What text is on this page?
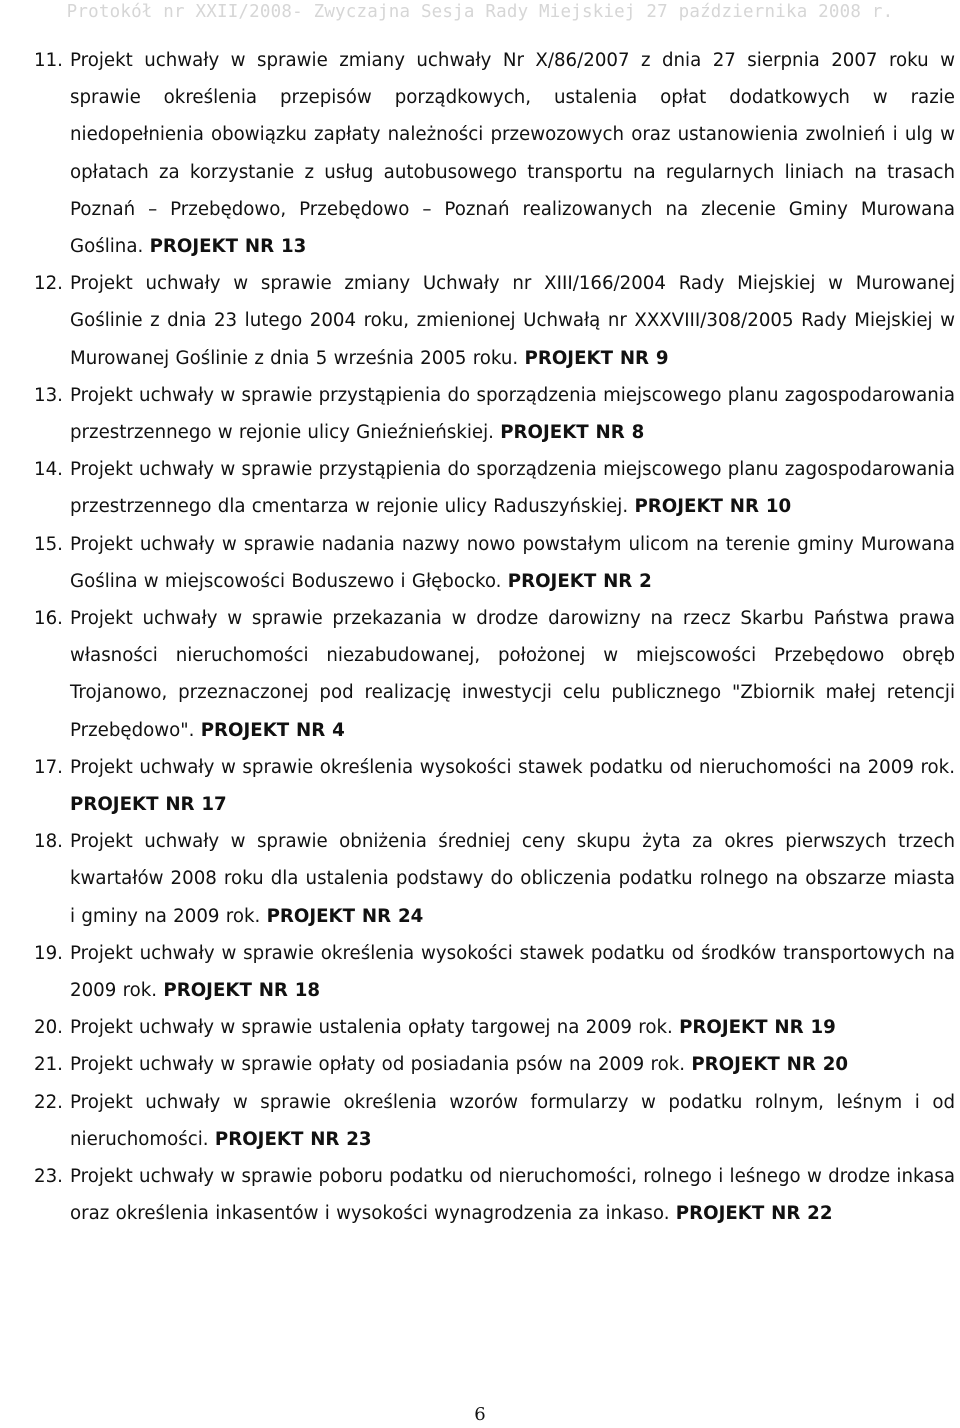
Protokół nr XXII/2008- Zwyczajna Sesja Rady Miejskiej 27 października 2008 r.
11. Projekt uchwały w sprawie zmiany uchwały Nr X/86/2007 z dnia 27 sierpnia 2007 roku w sprawie określenia przepisów porządkowych, ustalenia opłat dodatkowych w razie niedopełnienia obowiązku zapłaty należności przewozowych oraz ustanowienia zwolnień i ulg w opłatach za korzystanie z usług autobusowego transportu na regularnych liniach na trasach Poznań – Przebędowo, Przebędowo – Poznań realizowanych na zlecenie Gminy Murowana Goślina. PROJEKT NR 13
12. Projekt uchwały w sprawie zmiany Uchwały nr XIII/166/2004 Rady Miejskiej w Murowanej Goślinie z dnia 23 lutego 2004 roku, zmienionej Uchwałą nr XXXVIII/308/2005 Rady Miejskiej w Murowanej Goślinie z dnia 5 września 2005 roku. PROJEKT NR 9
13. Projekt uchwały w sprawie przystąpienia do sporządzenia miejscowego planu zagospodarowania przestrzennego w rejonie ulicy Gnieźnieńskiej. PROJEKT NR 8
14. Projekt uchwały w sprawie przystąpienia do sporządzenia miejscowego planu zagospodarowania przestrzennego dla cmentarza w rejonie ulicy Raduszyńskiej. PROJEKT NR 10
15. Projekt uchwały w sprawie nadania nazwy nowo powstałym ulicom na terenie gminy Murowana Goślina w miejscowości Boduszewo i Głębocko. PROJEKT NR 2
16. Projekt uchwały w sprawie przekazania w drodze darowizny na rzecz Skarbu Państwa prawa własności nieruchomości niezabudowanej, położonej w miejscowości Przebędowo obręb Trojanowo, przeznaczonej pod realizację inwestycji celu publicznego "Zbiornik małej retencji Przebędowo". PROJEKT NR 4
17. Projekt uchwały w sprawie określenia wysokości stawek podatku od nieruchomości na 2009 rok. PROJEKT NR 17
18. Projekt uchwały w sprawie obniżenia średniej ceny skupu żyta za okres pierwszych trzech kwartałów 2008 roku dla ustalenia podstawy do obliczenia podatku rolnego na obszarze miasta i gminy na 2009 rok. PROJEKT NR 24
19. Projekt uchwały w sprawie określenia wysokości stawek podatku od środków transportowych na 2009 rok. PROJEKT NR 18
20. Projekt uchwały w sprawie ustalenia opłaty targowej na 2009 rok. PROJEKT NR 19
21. Projekt uchwały w sprawie opłaty od posiadania psów na 2009 rok. PROJEKT NR 20
22. Projekt uchwały w sprawie określenia wzorów formularzy w podatku rolnym, leśnym i od nieruchomości. PROJEKT NR 23
23. Projekt uchwały w sprawie poboru podatku od nieruchomości, rolnego i leśnego w drodze inkasa oraz określenia inkasentów i wysokości wynagrodzenia za inkaso. PROJEKT NR 22
6
